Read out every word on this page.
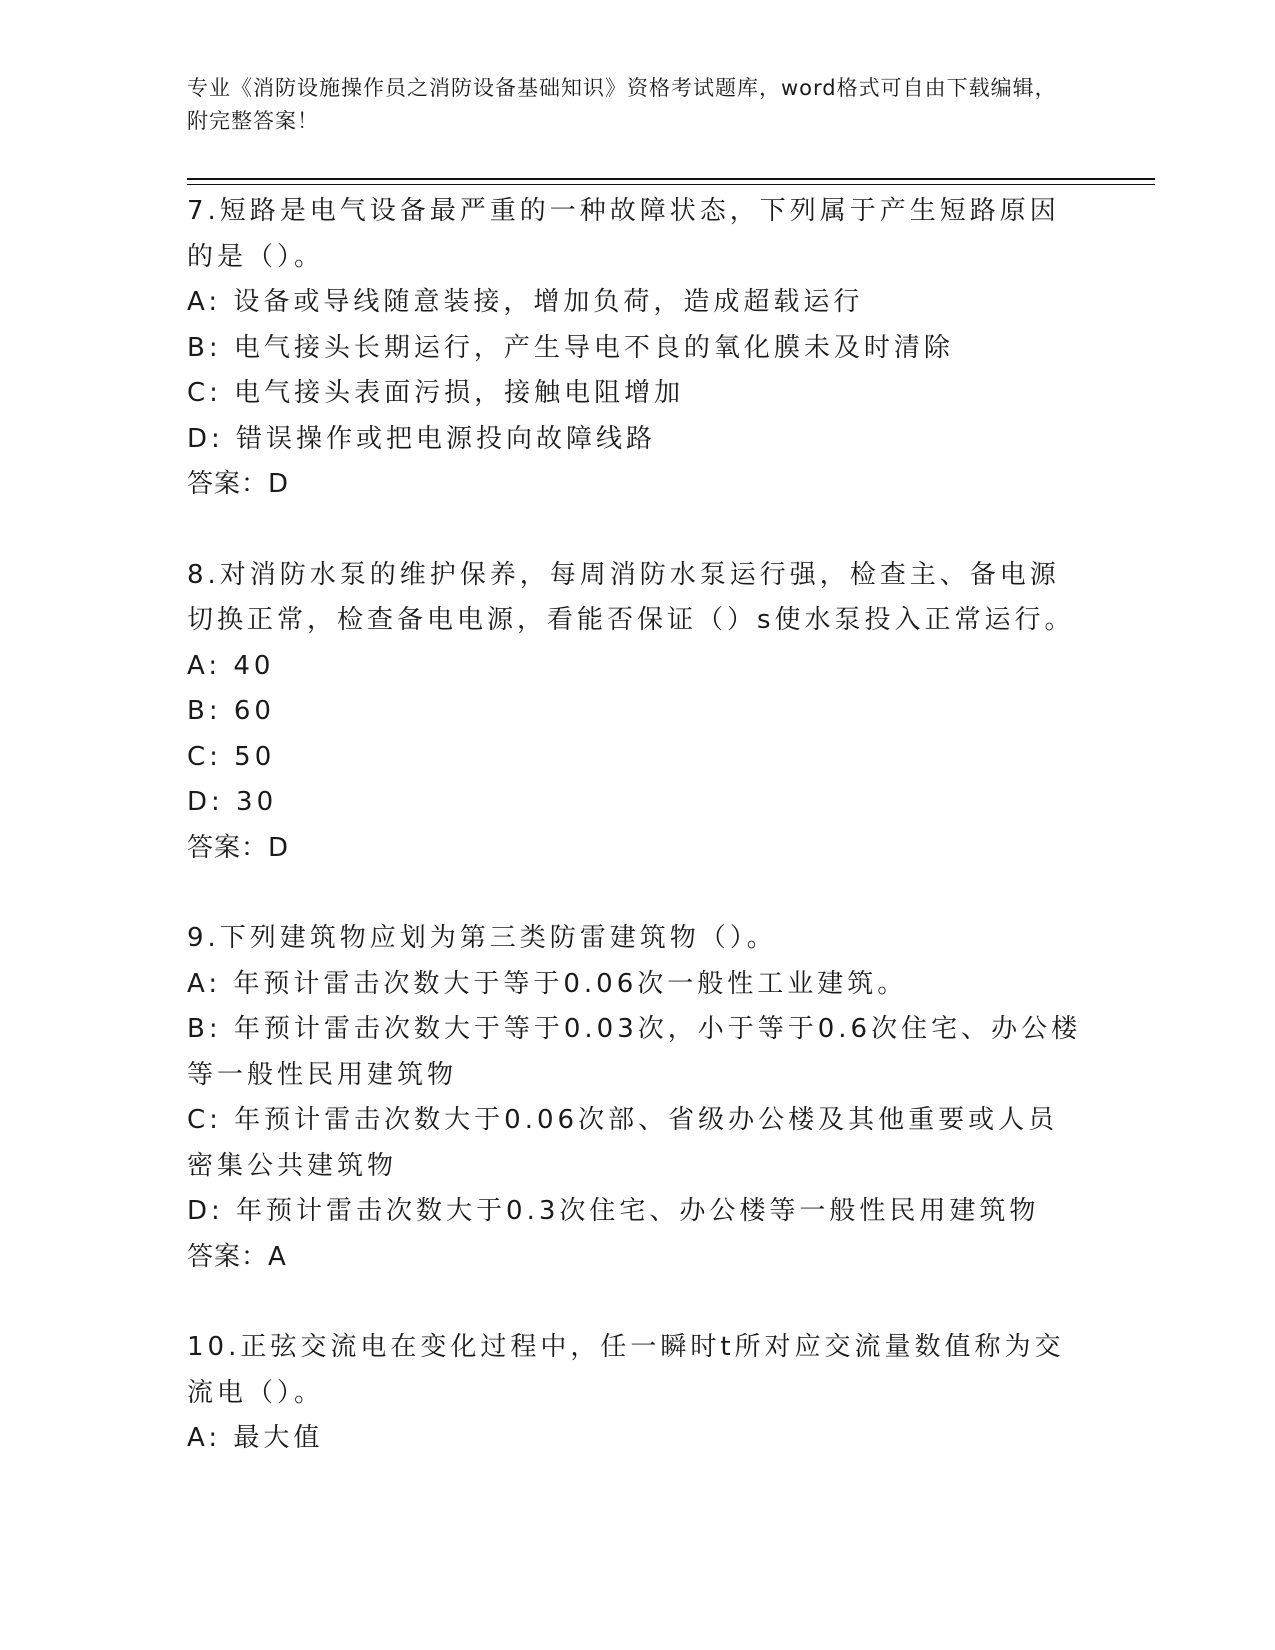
专业《消防设施操作员之消防设备基础知识》资格考试题库，word格式可自由下载编辑，附完整答案！

7.短路是电气设备最严重的一种故障状态，下列属于产生短路原因的是（）。

A: 设备或导线随意装接，增加负荷，造成超载运行

B: 电气接头长期运行，产生导电不良的氧化膜未及时清除

C: 电气接头表面污损，接触电阻增加

D: 错误操作或把电源投向故障线路

答案：D

8.对消防水泵的维护保养，每周消防水泵运行强，检查主、备电源切换正常，检查备电电源，看能否保证（）s使水泵投入正常运行。

A: 40

B: 60

C: 50

D: 30

答案：D

9.下列建筑物应划为第三类防雷建筑物（）。

A: 年预计雷击次数大于等于0.06次一般性工业建筑。

B: 年预计雷击次数大于等于0.03次，小于等于0.6次住宅、办公楼等一般性民用建筑物

C: 年预计雷击次数大于0.06次部、省级办公楼及其他重要或人员密集公共建筑物

D: 年预计雷击次数大于0.3次住宅、办公楼等一般性民用建筑物

答案：A

10.正弦交流电在变化过程中，任一瞬时t所对应交流量数值称为交流电（）。

A: 最大值
